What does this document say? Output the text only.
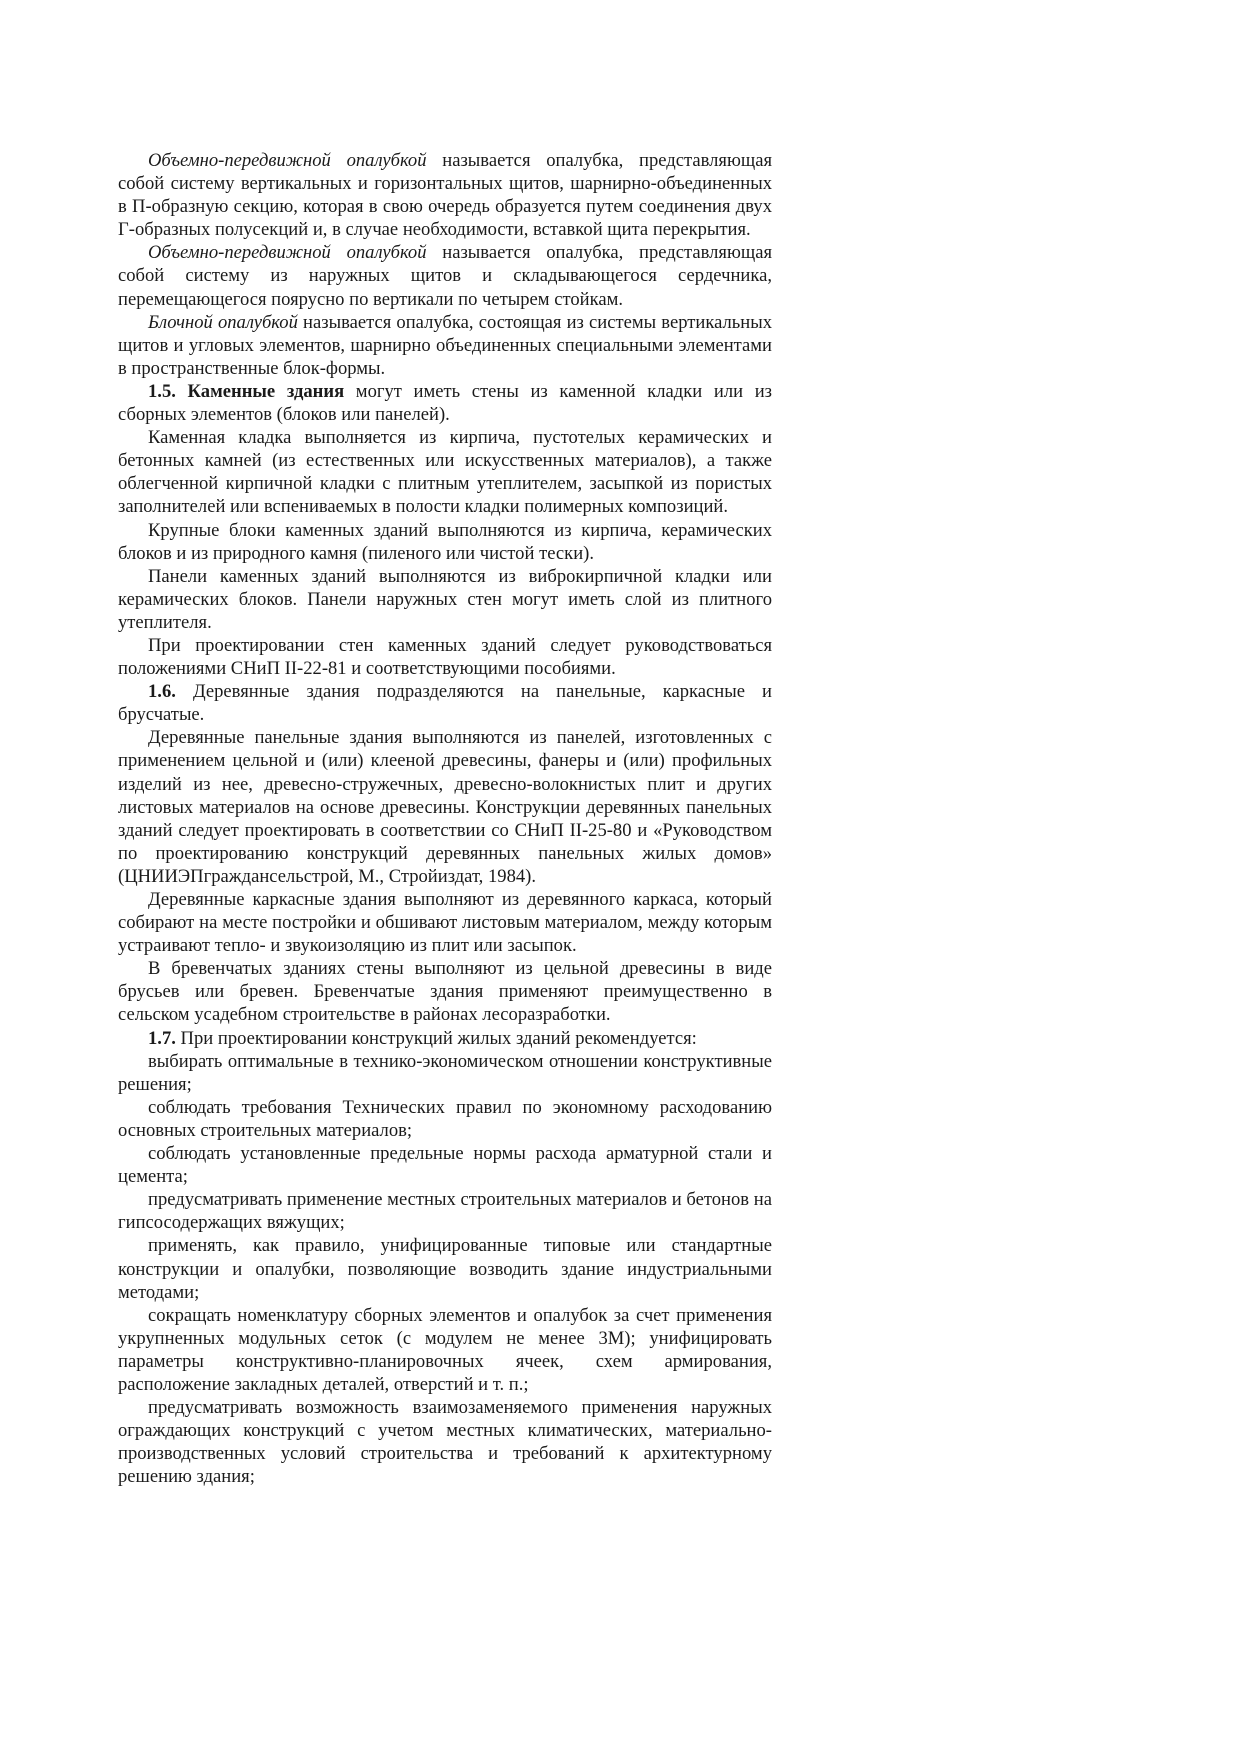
Объемно-передвижной опалубкой называется опалубка, представляющая собой систему вертикальных и горизонтальных щитов, шарнирно-объединенных в П-образную секцию, которая в свою очередь образуется путем соединения двух Г-образных полусекций и, в случае необходимости, вставкой щита перекрытия.

Объемно-передвижной опалубкой называется опалубка, представляющая собой систему из наружных щитов и складывающегося сердечника, перемещающегося поярусно по вертикали по четырем стойкам.

Блочной опалубкой называется опалубка, состоящая из системы вертикальных щитов и угловых элементов, шарнирно объединенных специальными элементами в пространственные блок-формы.

1.5. Каменные здания могут иметь стены из каменной кладки или из сборных элементов (блоков или панелей).

Каменная кладка выполняется из кирпича, пустотелых керамических и бетонных камней (из естественных или искусственных материалов), а также облегченной кирпичной кладки с плитным утеплителем, засыпкой из пористых заполнителей или вспениваемых в полости кладки полимерных композиций.

Крупные блоки каменных зданий выполняются из кирпича, керамических блоков и из природного камня (пиленого или чистой тески).

Панели каменных зданий выполняются из виброкирпичной кладки или керамических блоков. Панели наружных стен могут иметь слой из плитного утеплителя.

При проектировании стен каменных зданий следует руководствоваться положениями СНиП II-22-81 и соответствующими пособиями.

1.6. Деревянные здания подразделяются на панельные, каркасные и брусчатые.

Деревянные панельные здания выполняются из панелей, изготовленных с применением цельной и (или) клееной древесины, фанеры и (или) профильных изделий из нее, древесно-стружечных, древесно-волокнистых плит и других листовых материалов на основе древесины. Конструкции деревянных панельных зданий следует проектировать в соответствии со СНиП II-25-80 и «Руководством по проектированию конструкций деревянных панельных жилых домов» (ЦНИИЭПграждансельстрой, М., Стройиздат, 1984).

Деревянные каркасные здания выполняют из деревянного каркаса, который собирают на месте постройки и обшивают листовым материалом, между которым устраивают тепло- и звукоизоляцию из плит или засыпок.

В бревенчатых зданиях стены выполняют из цельной древесины в виде брусьев или бревен. Бревенчатые здания применяют преимущественно в сельском усадебном строительстве в районах лесоразработки.

1.7. При проектировании конструкций жилых зданий рекомендуется:

выбирать оптимальные в технико-экономическом отношении конструктивные решения;

соблюдать требования Технических правил по экономному расходованию основных строительных материалов;

соблюдать установленные предельные нормы расхода арматурной стали и цемента;

предусматривать применение местных строительных материалов и бетонов на гипсосодержащих вяжущих;

применять, как правило, унифицированные типовые или стандартные конструкции и опалубки, позволяющие возводить здание индустриальными методами;

сокращать номенклатуру сборных элементов и опалубок за счет применения укрупненных модульных сеток (с модулем не менее 3М); унифицировать параметры конструктивно-планировочных ячеек, схем армирования, расположение закладных деталей, отверстий и т. п.;

предусматривать возможность взаимозаменяемого применения наружных ограждающих конструкций с учетом местных климатических, материально-производственных условий строительства и требований к архитектурному решению здания;
